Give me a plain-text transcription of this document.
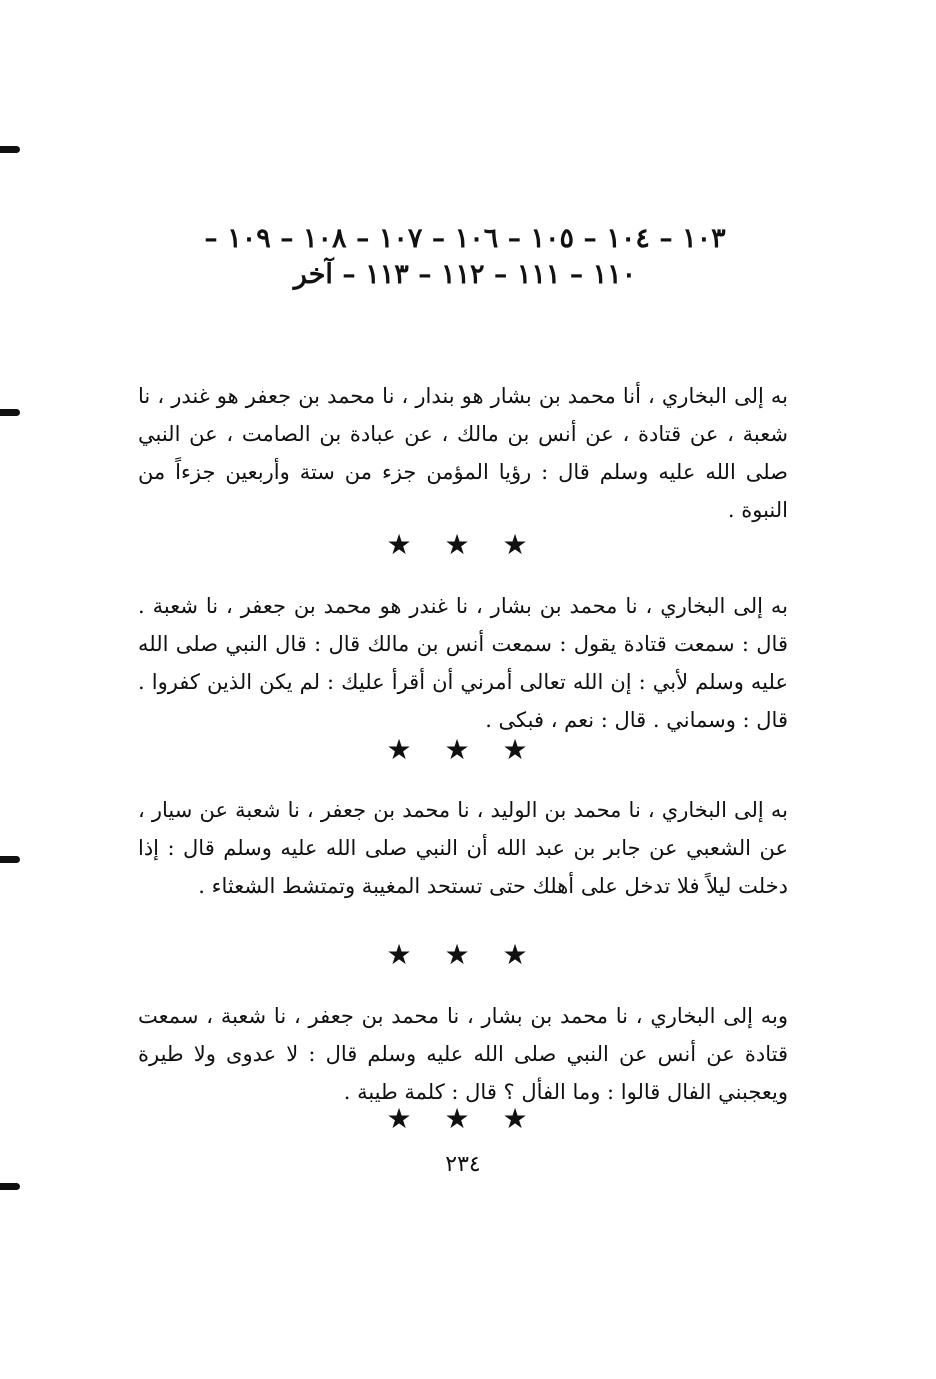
١٠٣ – ١٠٤ – ١٠٥ – ١٠٦ – ١٠٧ – ١٠٨ – ١٠٩ –
١١٠ – ١١١ – ١١٢ – ١١٣ – آخر

به إلى البخاري ، أنا محمد بن بشار هو بندار ، نا محمد بن جعفر هو غندر ، نا شعبة ، عن قتادة ، عن أنس بن مالك ، عن عبادة بن الصامت ، عن النبي صلى الله عليه وسلم قال : رؤيا المؤمن جزء من ستة وأربعين جزءاً من النبوة .

★ ★ ★

به إلى البخاري ، نا محمد بن بشار ، نا غندر هو محمد بن جعفر ، نا شعبة . قال : سمعت قتادة يقول : سمعت أنس بن مالك قال : قال النبي صلى الله عليه وسلم لأبي : إن الله تعالى أمرني أن أقرأ عليك : لم يكن الذين كفروا . قال : وسماني . قال : نعم ، فبكى .

★ ★ ★

به إلى البخاري ، نا محمد بن الوليد ، نا محمد بن جعفر ، نا شعبة عن سيار ، عن الشعبي عن جابر بن عبد الله أن النبي صلى الله عليه وسلم قال : إذا دخلت ليلاً فلا تدخل على أهلك حتى تستحد المغيبة وتمتشط الشعثاء .

★ ★ ★

وبه إلى البخاري ، نا محمد بن بشار ، نا محمد بن جعفر ، نا شعبة ، سمعت قتادة عن أنس عن النبي صلى الله عليه وسلم قال : لا عدوى ولا طيرة ويعجبني الفال قالوا : وما الفأل ؟ قال : كلمة طيبة .

★ ★ ★
٢٣٤
